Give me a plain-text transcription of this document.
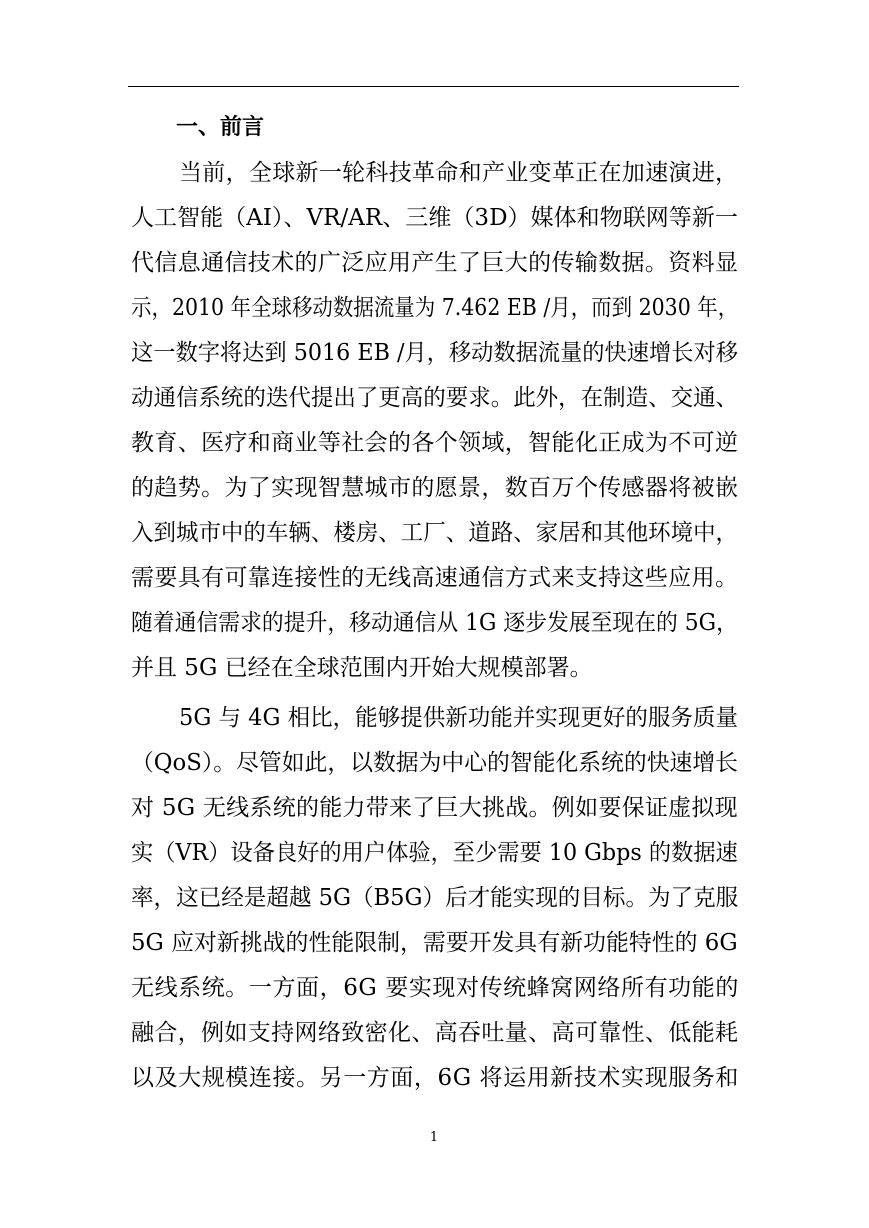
一、前言
当前，全球新一轮科技革命和产业变革正在加速演进，
人工智能（AI）、VR/AR、三维（3D）媒体和物联网等新一
代信息通信技术的广泛应用产生了巨大的传输数据。资料显
示，2010 年全球移动数据流量为 7.462 EB /月，而到 2030 年，
这一数字将达到 5016 EB /月，移动数据流量的快速增长对移
动通信系统的迭代提出了更高的要求。此外，在制造、交通、
教育、医疗和商业等社会的各个领域，智能化正成为不可逆
的趋势。为了实现智慧城市的愿景，数百万个传感器将被嵌
入到城市中的车辆、楼房、工厂、道路、家居和其他环境中，
需要具有可靠连接性的无线高速通信方式来支持这些应用。
随着通信需求的提升，移动通信从 1G 逐步发展至现在的 5G，
并且 5G 已经在全球范围内开始大规模部署。
5G 与 4G 相比，能够提供新功能并实现更好的服务质量
（QoS）。尽管如此，以数据为中心的智能化系统的快速增长
对 5G 无线系统的能力带来了巨大挑战。例如要保证虚拟现
实（VR）设备良好的用户体验，至少需要 10 Gbps 的数据速
率，这已经是超越 5G（B5G）后才能实现的目标。为了克服
5G 应对新挑战的性能限制，需要开发具有新功能特性的 6G
无线系统。一方面，6G 要实现对传统蜂窝网络所有功能的
融合，例如支持网络致密化、高吞吐量、高可靠性、低能耗
以及大规模连接。另一方面，6G 将运用新技术实现服务和
1
